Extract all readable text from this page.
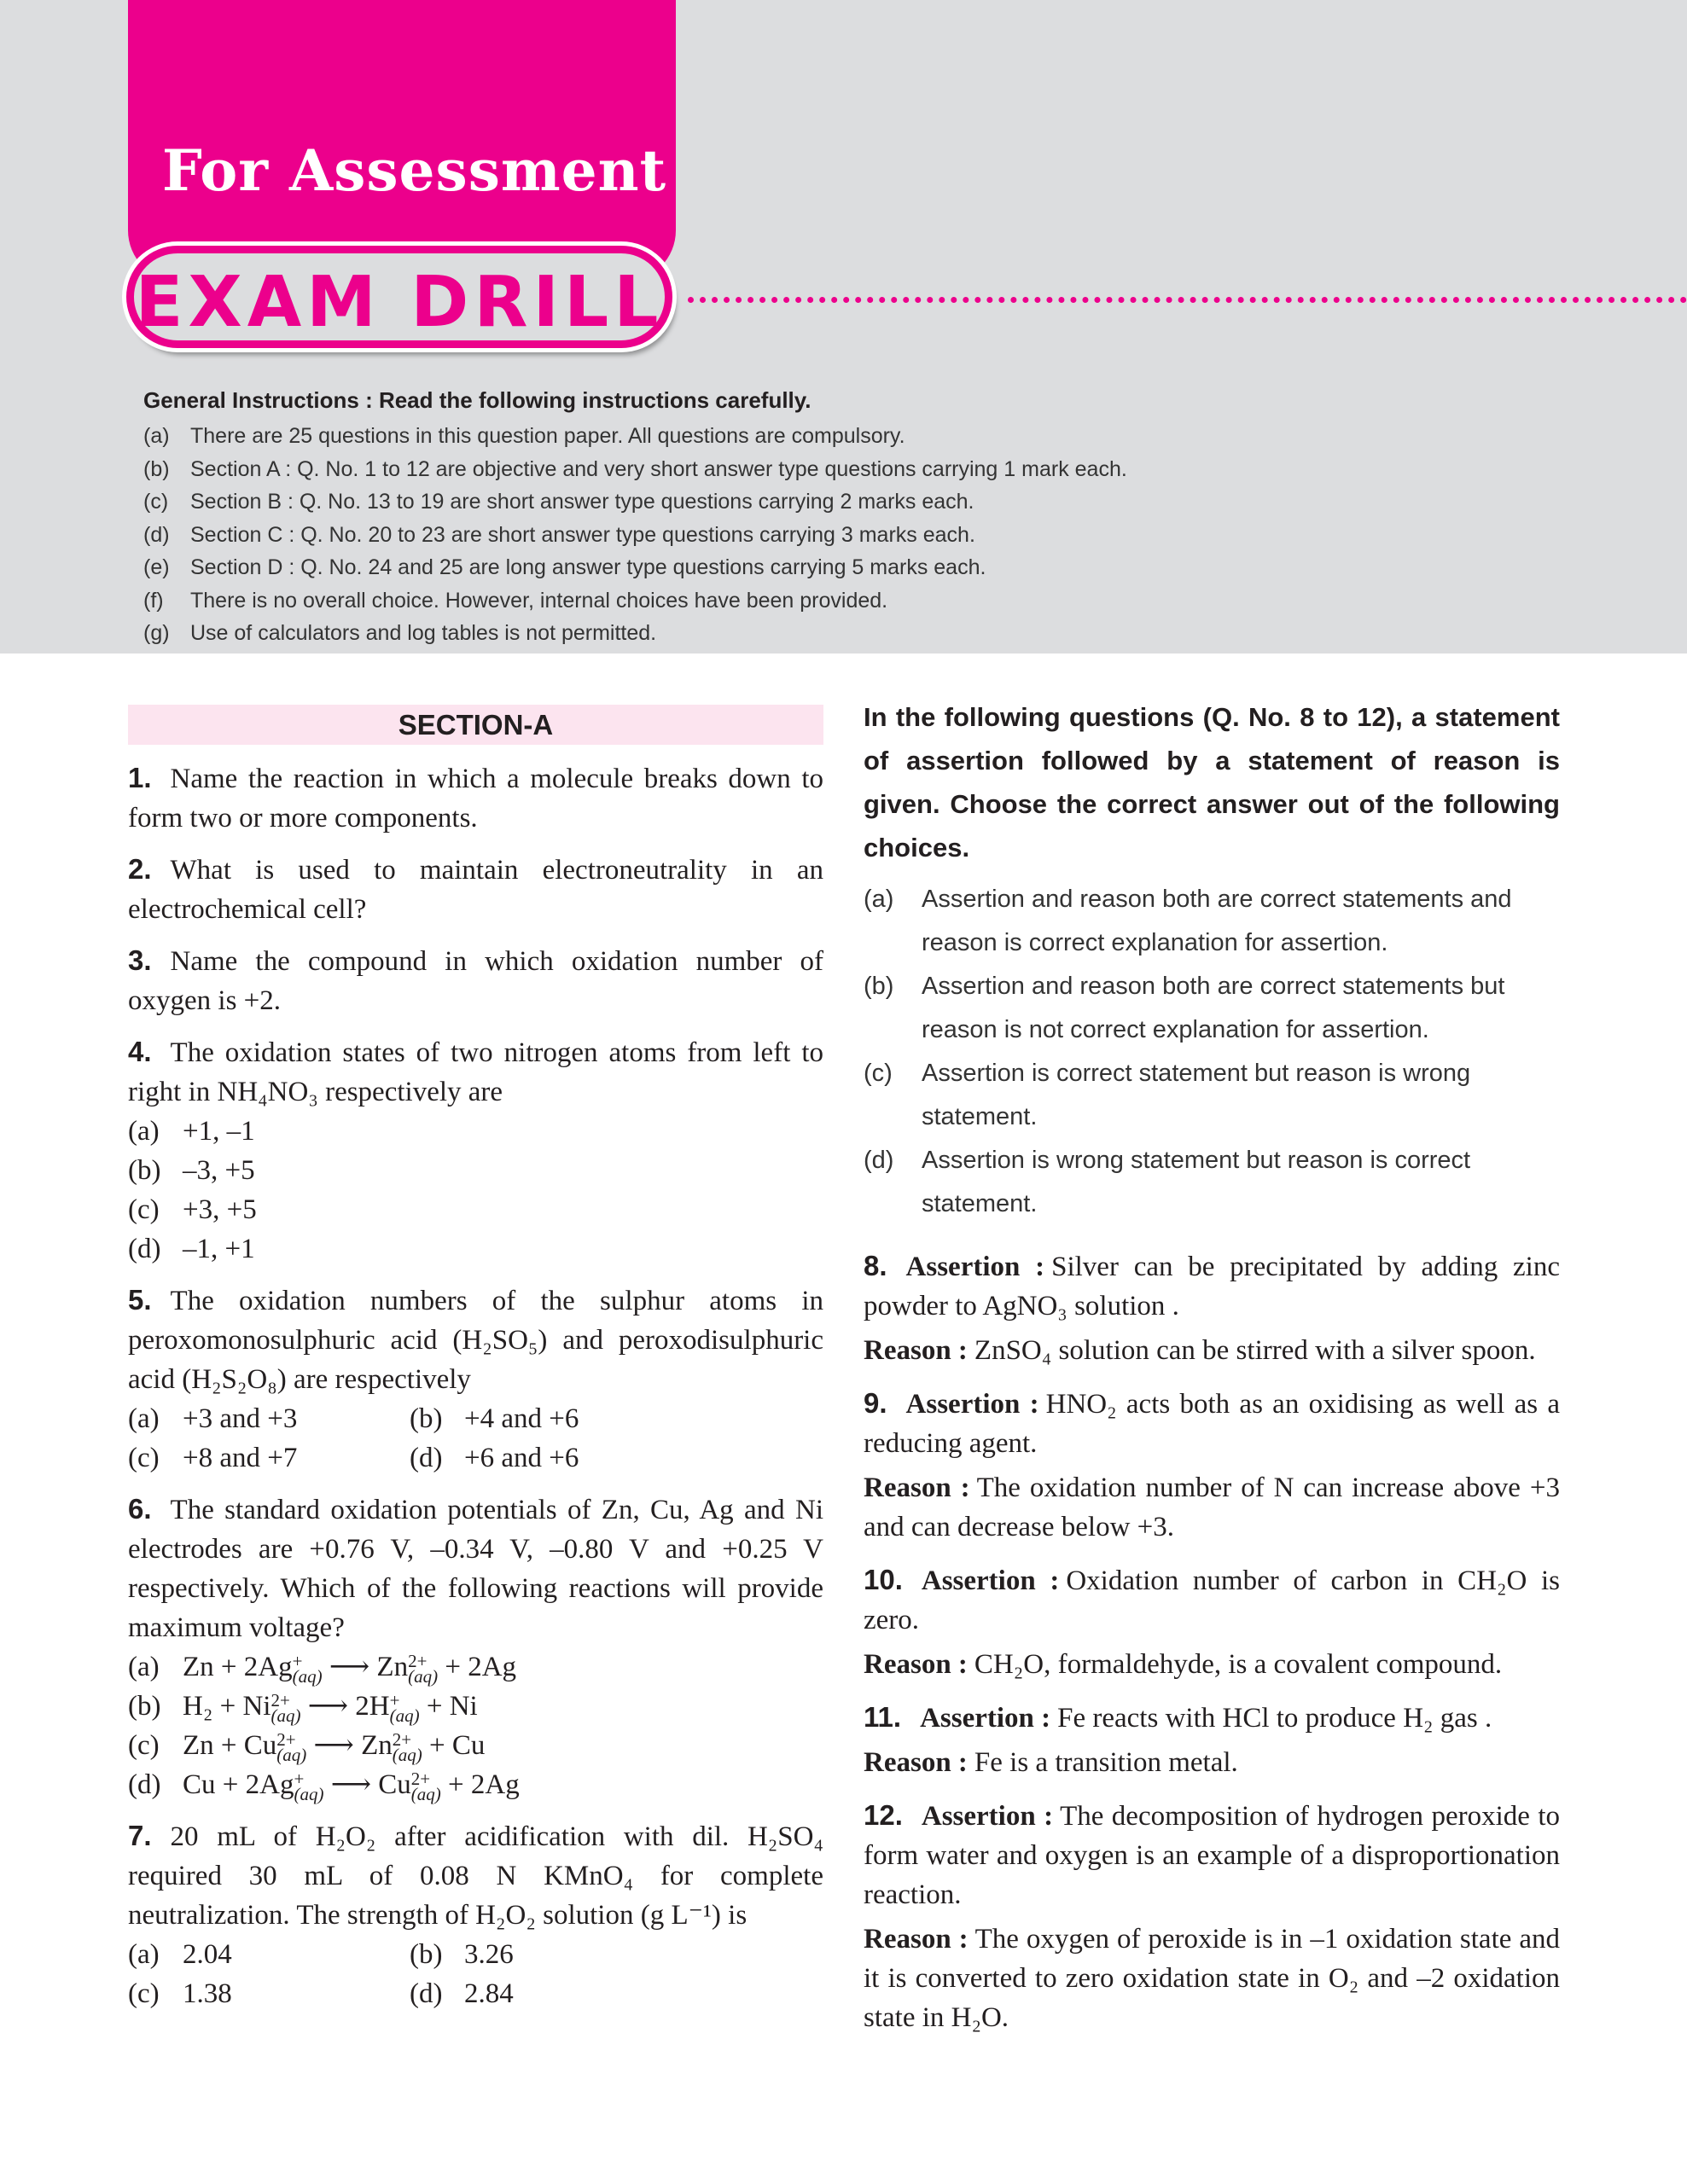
For Assessment
EXAM DRILL
General Instructions : Read the following instructions carefully.
(a) There are 25 questions in this question paper. All questions are compulsory.
(b) Section A : Q. No. 1 to 12 are objective and very short answer type questions carrying 1 mark each.
(c)	Section B : Q. No. 13 to 19 are short answer type questions carrying 2 marks each.
(d) Section C : Q. No. 20 to 23 are short answer type questions carrying 3 marks each.
(e) Section D : Q. No. 24 and 25 are long answer type questions carrying 5 marks each.
(f)	There is no overall choice. However, internal choices have been provided.
(g) Use of calculators and log tables is not permitted.
SECTION-A
1. Name the reaction in which a molecule breaks down to form two or more components.
2. What is used to maintain electroneutrality in an electrochemical cell?
3. Name the compound in which oxidation number of oxygen is +2.
4. The oxidation states of two nitrogen atoms from left to right in NH₄NO₃ respectively are
(a) +1, –1
(b) –3, +5
(c) +3, +5
(d) –1, +1
5. The oxidation numbers of the sulphur atoms in peroxomonosulphuric acid (H₂SO₅) and peroxodisulphuric acid (H₂S₂O₈) are respectively
(a) +3 and +3	(b) +4 and +6
(c) +8 and +7	(d) +6 and +6
6. The standard oxidation potentials of Zn, Cu, Ag and Ni electrodes are +0.76 V, –0.34 V, –0.80 V and +0.25 V respectively. Which of the following reactions will provide maximum voltage?
(a) Zn + 2Ag +
(aq) ⟶ Zn 2+
(aq) + 2Ag
(b) H₂ + Ni 2+
(aq) ⟶ 2H +
(aq) + Ni
(c) Zn + Cu 2+
(aq) ⟶ Zn 2+
(aq) + Cu
(d) Cu + 2Ag +
(aq) ⟶ Cu 2+
(aq) + 2Ag
7. 20 mL of H₂O₂ after acidification with dil. H₂SO₄ required 30 mL of 0.08 N KMnO₄ for complete neutralization. The strength of H₂O₂ solution (g L⁻¹) is
(a) 2.04	(b) 3.26
(c) 1.38	(d) 2.84
In the following questions (Q. No. 8 to 12), a statement of assertion followed by a statement of reason is given. Choose the correct answer out of the following choices.
(a)	Assertion and reason both are correct statements and reason is correct explanation for assertion.
(b)	Assertion and reason both are correct statements but reason is not correct explanation for assertion.
(c)	Assertion is correct statement but reason is wrong statement.
(d)	Assertion is wrong statement but reason is correct statement.
8. Assertion : Silver can be precipitated by adding zinc powder to AgNO₃ solution .
Reason : ZnSO₄ solution can be stirred with a silver spoon.
9. Assertion : HNO₂ acts both as an oxidising as well as a reducing agent.
Reason : The oxidation number of N can increase above +3 and can decrease below +3.
10. Assertion : Oxidation number of carbon in CH₂O is zero.
Reason : CH₂O, formaldehyde, is a covalent compound.
11. Assertion : Fe reacts with HCl to produce H₂ gas .
Reason : Fe is a transition metal.
12. Assertion : The decomposition of hydrogen peroxide to form water and oxygen is an example of a disproportionation reaction.
Reason : The oxygen of peroxide is in –1 oxidation state and it is converted to zero oxidation state in O₂ and –2 oxidation state in H₂O.
